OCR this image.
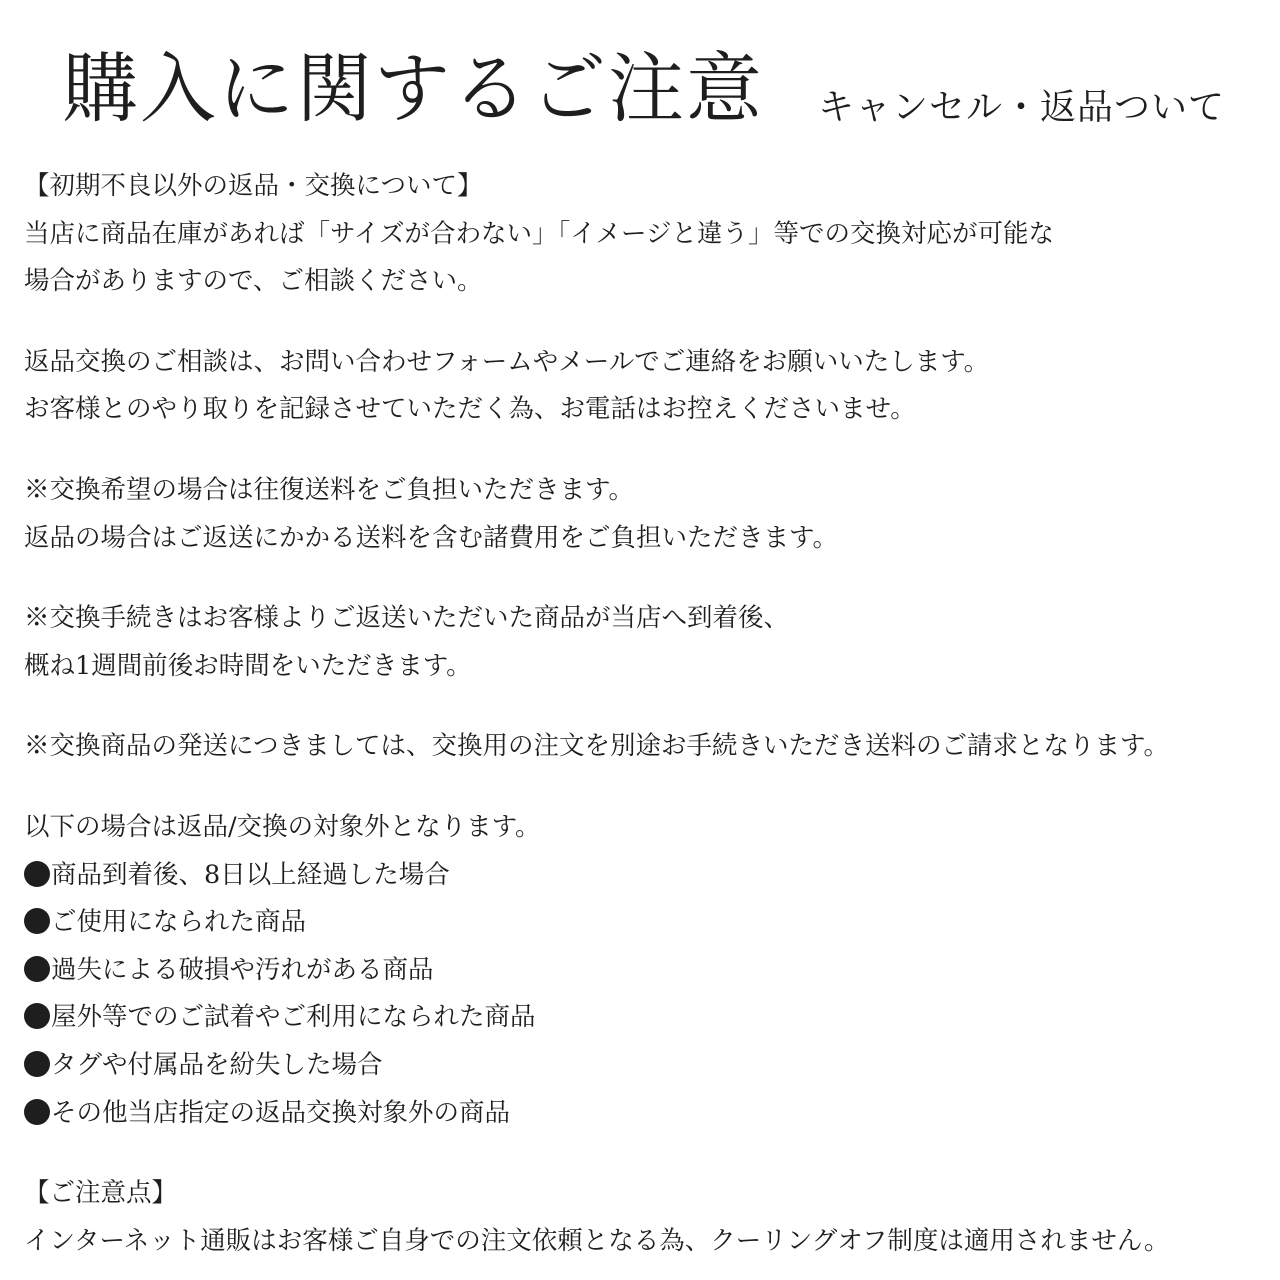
購入に関するご注意 キャンセル・返品ついて
【初期不良以外の返品・交換について】
当店に商品在庫があれば「サイズが合わない」「イメージと違う」等での交換対応が可能な
場合がありますので、ご相談ください。
返品交換のご相談は、お問い合わせフォームやメールでご連絡をお願いいたします。
お客様とのやり取りを記録させていただく為、お電話はお控えくださいませ。
※交換希望の場合は往復送料をご負担いただきます。
返品の場合はご返送にかかる送料を含む諸費用をご負担いただきます。
※交換手続きはお客様よりご返送いただいた商品が当店へ到着後、
概ね1週間前後お時間をいただきます。
※交換商品の発送につきましては、交換用の注文を別途お手続きいただき送料のご請求となります。
以下の場合は返品/交換の対象外となります。
商品到着後、8日以上経過した場合
ご使用になられた商品
過失による破損や汚れがある商品
屋外等でのご試着やご利用になられた商品
タグや付属品を紛失した場合
その他当店指定の返品交換対象外の商品
【ご注意点】
インターネット通販はお客様ご自身での注文依頼となる為、クーリングオフ制度は適用されません。
